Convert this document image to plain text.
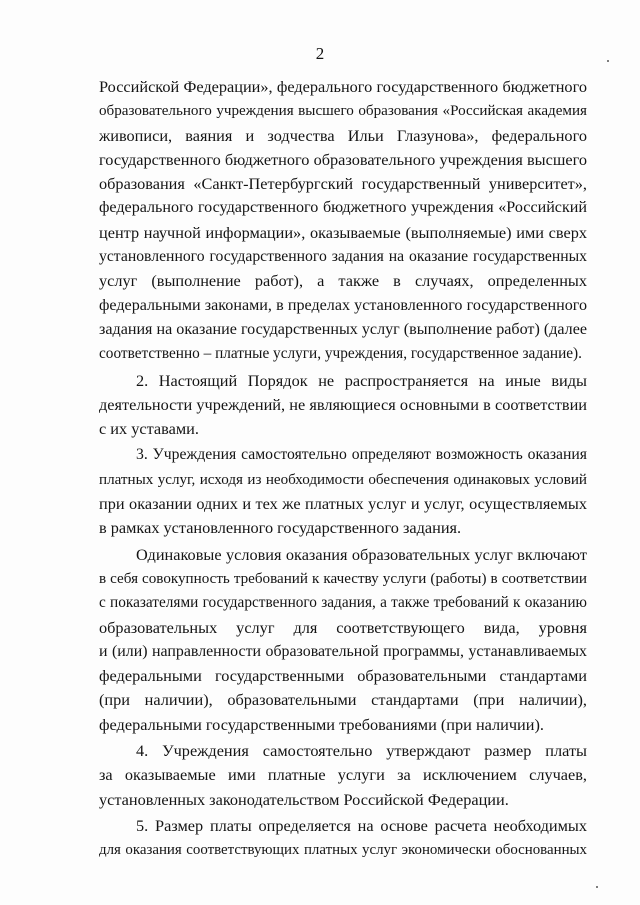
2
Российской Федерации», федерального государственного бюджетного
образовательного учреждения высшего образования «Российская академия
живописи, ваяния и зодчества Ильи Глазунова», федерального
государственного бюджетного образовательного учреждения высшего
образования «Санкт-Петербургский государственный университет»,
федерального государственного бюджетного учреждения «Российский
центр научной информации», оказываемые (выполняемые) ими сверх
установленного государственного задания на оказание государственных
услуг (выполнение работ), а также в случаях, определенных
федеральными законами, в пределах установленного государственного
задания на оказание государственных услуг (выполнение работ) (далее
соответственно – платные услуги, учреждения, государственное задание).
2. Настоящий Порядок не распространяется на иные виды
деятельности учреждений, не являющиеся основными в соответствии
с их уставами.
3. Учреждения самостоятельно определяют возможность оказания
платных услуг, исходя из необходимости обеспечения одинаковых условий
при оказании одних и тех же платных услуг и услуг, осуществляемых
в рамках установленного государственного задания.
Одинаковые условия оказания образовательных услуг включают
в себя совокупность требований к качеству услуги (работы) в соответствии
с показателями государственного задания, а также требований к оказанию
образовательных услуг для соответствующего вида, уровня
и (или) направленности образовательной программы, устанавливаемых
федеральными государственными образовательными стандартами
(при наличии), образовательными стандартами (при наличии),
федеральными государственными требованиями (при наличии).
4. Учреждения самостоятельно утверждают размер платы
за оказываемые ими платные услуги за исключением случаев,
установленных законодательством Российской Федерации.
5. Размер платы определяется на основе расчета необходимых
для оказания соответствующих платных услуг экономически обоснованных
